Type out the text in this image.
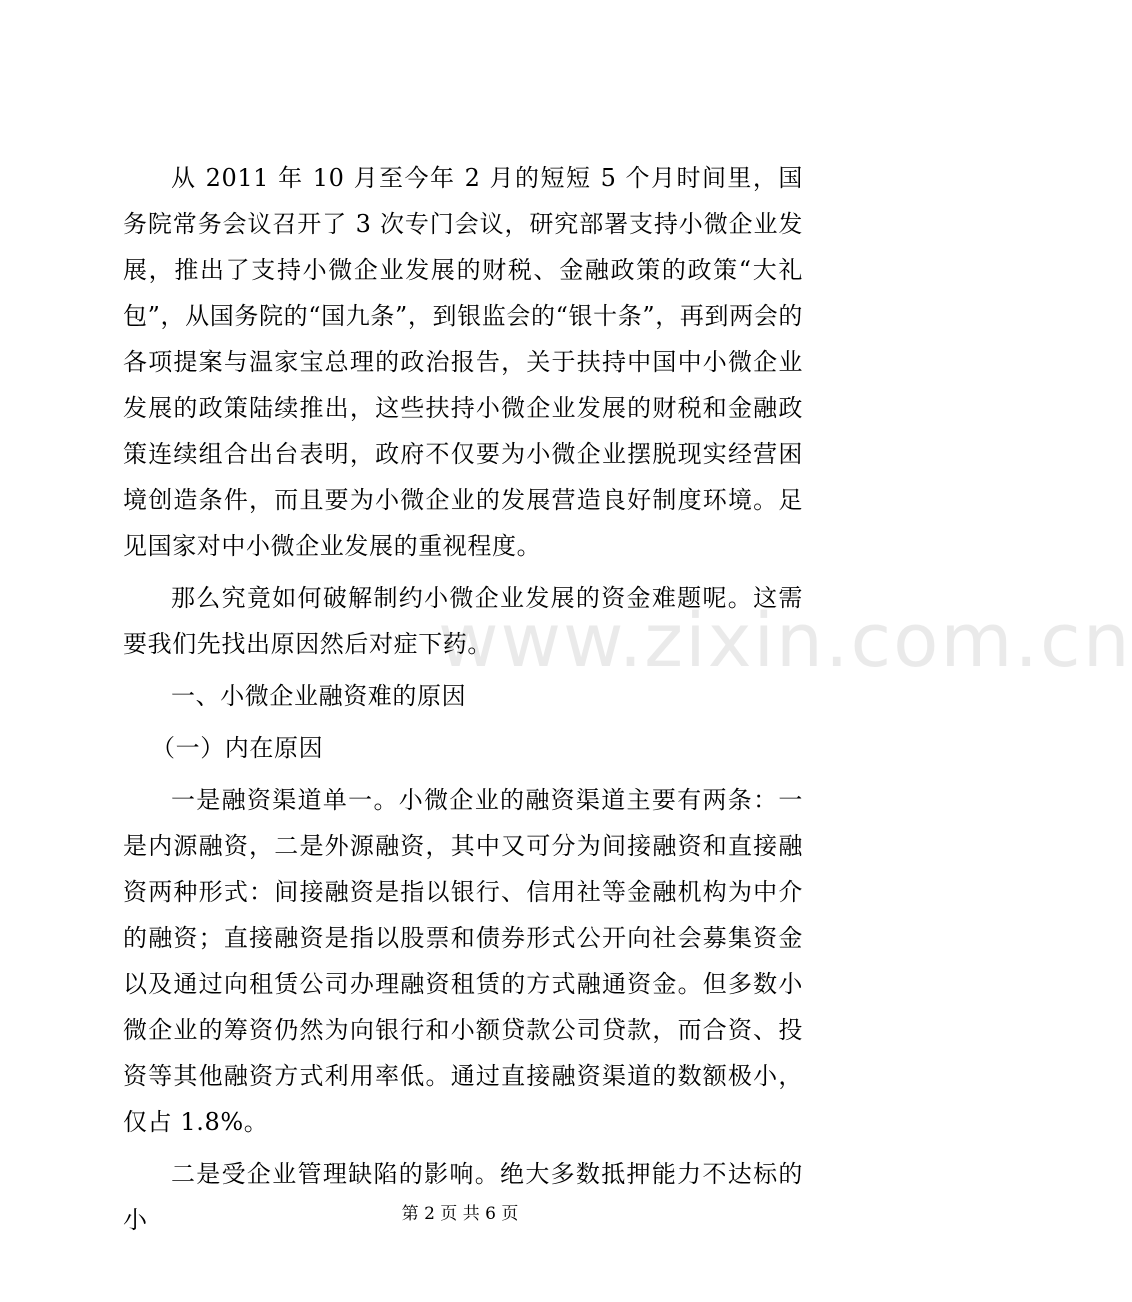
www.zixin.com.cn

从 2011 年 10 月至今年 2 月的短短 5 个月时间里，国务院常务会议召开了 3 次专门会议，研究部署支持小微企业发展，推出了支持小微企业发展的财税、金融政策的政策“大礼包”，从国务院的“国九条”，到银监会的“银十条”，再到两会的各项提案与温家宝总理的政治报告，关于扶持中国中小微企业发展的政策陆续推出，这些扶持小微企业发展的财税和金融政策连续组合出台表明，政府不仅要为小微企业摆脱现实经营困境创造条件，而且要为小微企业的发展营造良好制度环境。足见国家对中小微企业发展的重视程度。

那么究竟如何破解制约小微企业发展的资金难题呢。这需要我们先找出原因然后对症下药。

一、小微企业融资难的原因

（一）内在原因

一是融资渠道单一。小微企业的融资渠道主要有两条：一是内源融资，二是外源融资，其中又可分为间接融资和直接融资两种形式：间接融资是指以银行、信用社等金融机构为中介的融资；直接融资是指以股票和债券形式公开向社会募集资金以及通过向租赁公司办理融资租赁的方式融通资金。但多数小微企业的筹资仍然为向银行和小额贷款公司贷款，而合资、投资等其他融资方式利用率低。通过直接融资渠道的数额极小，仅占 1.8%。

二是受企业管理缺陷的影响。绝大多数抵押能力不达标的小	第 2 页 共 6 页
